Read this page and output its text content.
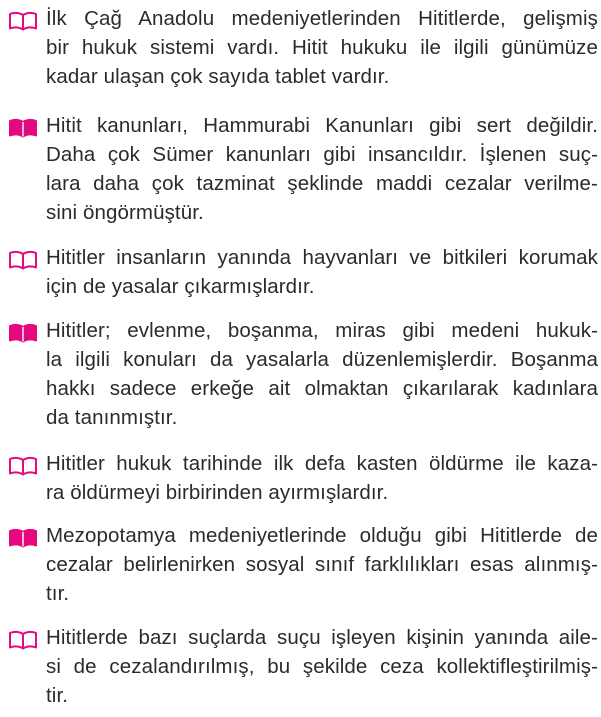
İlk Çağ Anadolu medeniyetlerinden Hititlerde, gelişmiş
bir hukuk sistemi vardı. Hitit hukuku ile ilgili günümüze
kadar ulaşan çok sayıda tablet vardır.
Hitit kanunları, Hammurabi Kanunları gibi sert değildir.
Daha çok Sümer kanunları gibi insancıldır. İşlenen suç-
lara daha çok tazminat şeklinde maddi cezalar verilme-
sini öngörmüştür.
Hititler insanların yanında hayvanları ve bitkileri korumak
için de yasalar çıkarmışlardır.
Hititler; evlenme, boşanma, miras gibi medeni hukuk-
la ilgili konuları da yasalarla düzenlemişlerdir. Boşanma
hakkı sadece erkeğe ait olmaktan çıkarılarak kadınlara
da tanınmıştır.
Hititler hukuk tarihinde ilk defa kasten öldürme ile kaza-
ra öldürmeyi birbirinden ayırmışlardır.
Mezopotamya medeniyetlerinde olduğu gibi Hititlerde de
cezalar belirlenirken sosyal sınıf farklılıkları esas alınmış-
tır.
Hititlerde bazı suçlarda suçu işleyen kişinin yanında aile-
si de cezalandırılmış, bu şekilde ceza kollektifleştirilmiş-
tir.
